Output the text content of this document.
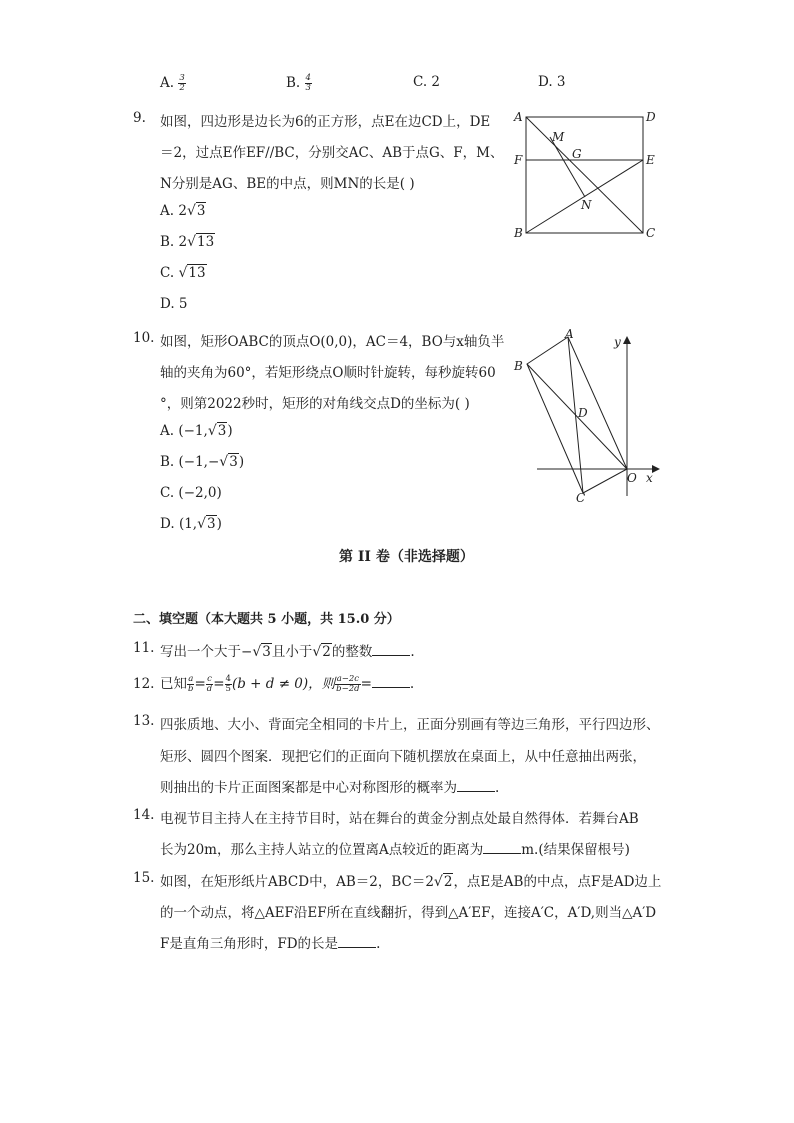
A. $\frac{3}{2}$	B. $\frac{4}{3}$	C. 2	D. 3
9. 如图，四边形是边长为6的正方形，点E在边CD上，DE
＝2，过点E作EF//BC，分别交AC、AB于点G、F，M、
N分别是AG、BE的中点，则MN的长是( )
A. 2√3
B. 2√13
C. √13
D. 5
A	D
M
G
F	E
N
B	C
10. 如图，矩形OABC的顶点O(0,0)，AC＝4，BO与x轴负半
轴的夹角为60°，若矩形绕点O顺时针旋转，每秒旋转60
°，则第2022秒时，矩形的对角线交点D的坐标为( )
A. (−1,√3)
B. (−1,−√3)
C. (−2,0)
D. (1,√3)
A
B
D
O
C
x
y
第 II 卷（非选择题）
二、填空题（本大题共 5 小题，共 15.0 分）
11. 写出一个大于−√3且小于√2的整数	.
12. 已知 $\frac{a}{b} = \frac{c}{d} = \frac{4}{5} (b + d \ne 0)$，则 $\frac{a-2c}{b-2d}$ =	.
13. 四张质地、大小、背面完全相同的卡片上，正面分别画有等边三角形，平行四边形、
矩形、圆四个图案．现把它们的正面向下随机摆放在桌面上，从中任意抽出两张，
则抽出的卡片正面图案都是中心对称图形的概率为	.
14. 电视节目主持人在主持节目时，站在舞台的黄金分割点处最自然得体．若舞台AB
长为20m，那么主持人站立的位置离A点较近的距离为	m.(结果保留根号)
15. 如图，在矩形纸片ABCD中，AB＝2，BC＝2√2，点E是AB的中点，点F是AD边上
的一个动点，将△AEF沿EF所在直线翻折，得到△A′EF，连接A′C，A′D,则当△A′D
F是直角三角形时，FD的长是	.
